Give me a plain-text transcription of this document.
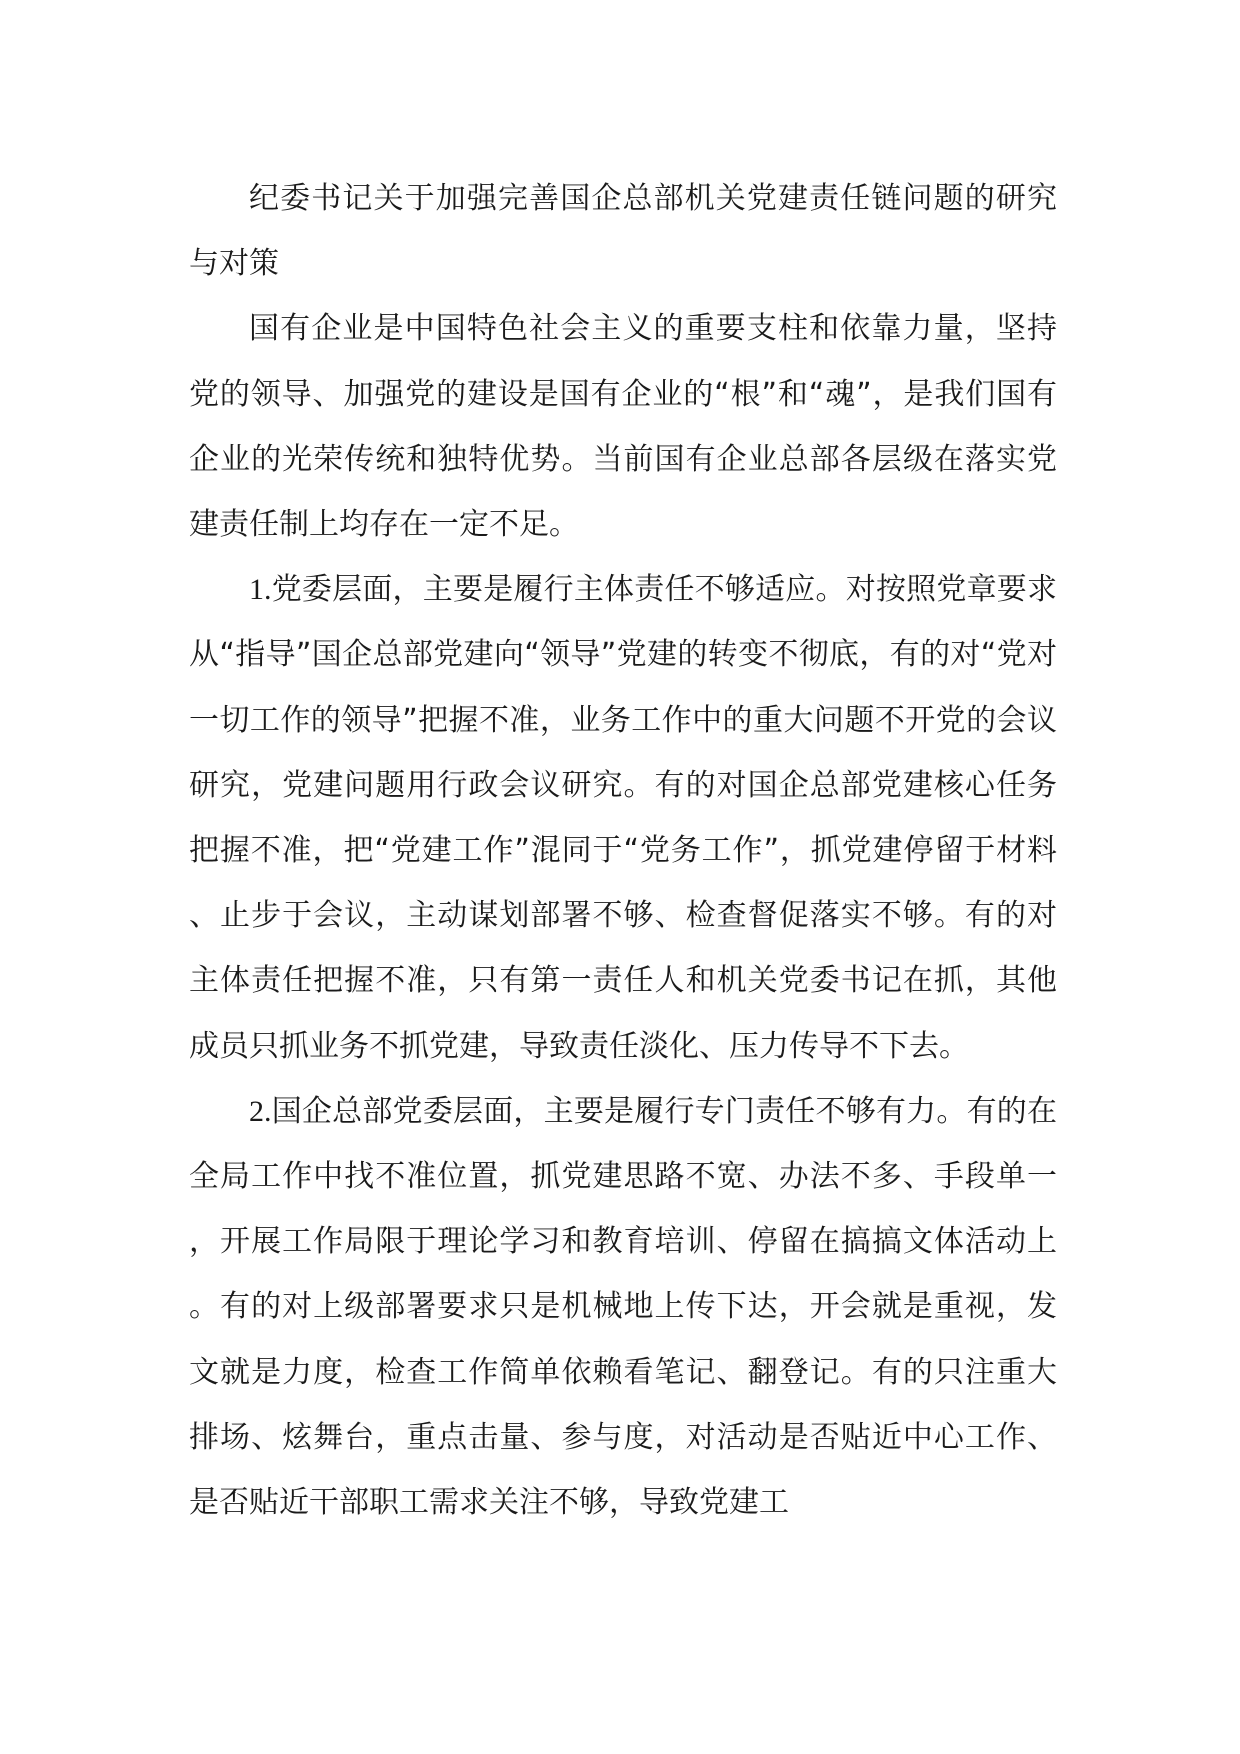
纪委书记关于加强完善国企总部机关党建责任链问题的研究与对策

国有企业是中国特色社会主义的重要支柱和依靠力量，坚持党的领导、加强党的建设是国有企业的“根”和“魂”，是我们国有企业的光荣传统和独特优势。当前国有企业总部各层级在落实党建责任制上均存在一定不足。

1.党委层面，主要是履行主体责任不够适应。对按照党章要求从“指导”国企总部党建向“领导”党建的转变不彻底，有的对“党对一切工作的领导”把握不准，业务工作中的重大问题不开党的会议研究，党建问题用行政会议研究。有的对国企总部党建核心任务把握不准，把“党建工作”混同于“党务工作”，抓党建停留于材料、止步于会议，主动谋划部署不够、检查督促落实不够。有的对主体责任把握不准，只有第一责任人和机关党委书记在抓，其他成员只抓业务不抓党建，导致责任淡化、压力传导不下去。

2.国企总部党委层面，主要是履行专门责任不够有力。有的在全局工作中找不准位置，抓党建思路不宽、办法不多、手段单一，开展工作局限于理论学习和教育培训、停留在搞搞文体活动上。有的对上级部署要求只是机械地上传下达，开会就是重视，发文就是力度，检查工作简单依赖看笔记、翻登记。有的只注重大排场、炫舞台，重点击量、参与度，对活动是否贴近中心工作、是否贴近干部职工需求关注不够，导致党建工
